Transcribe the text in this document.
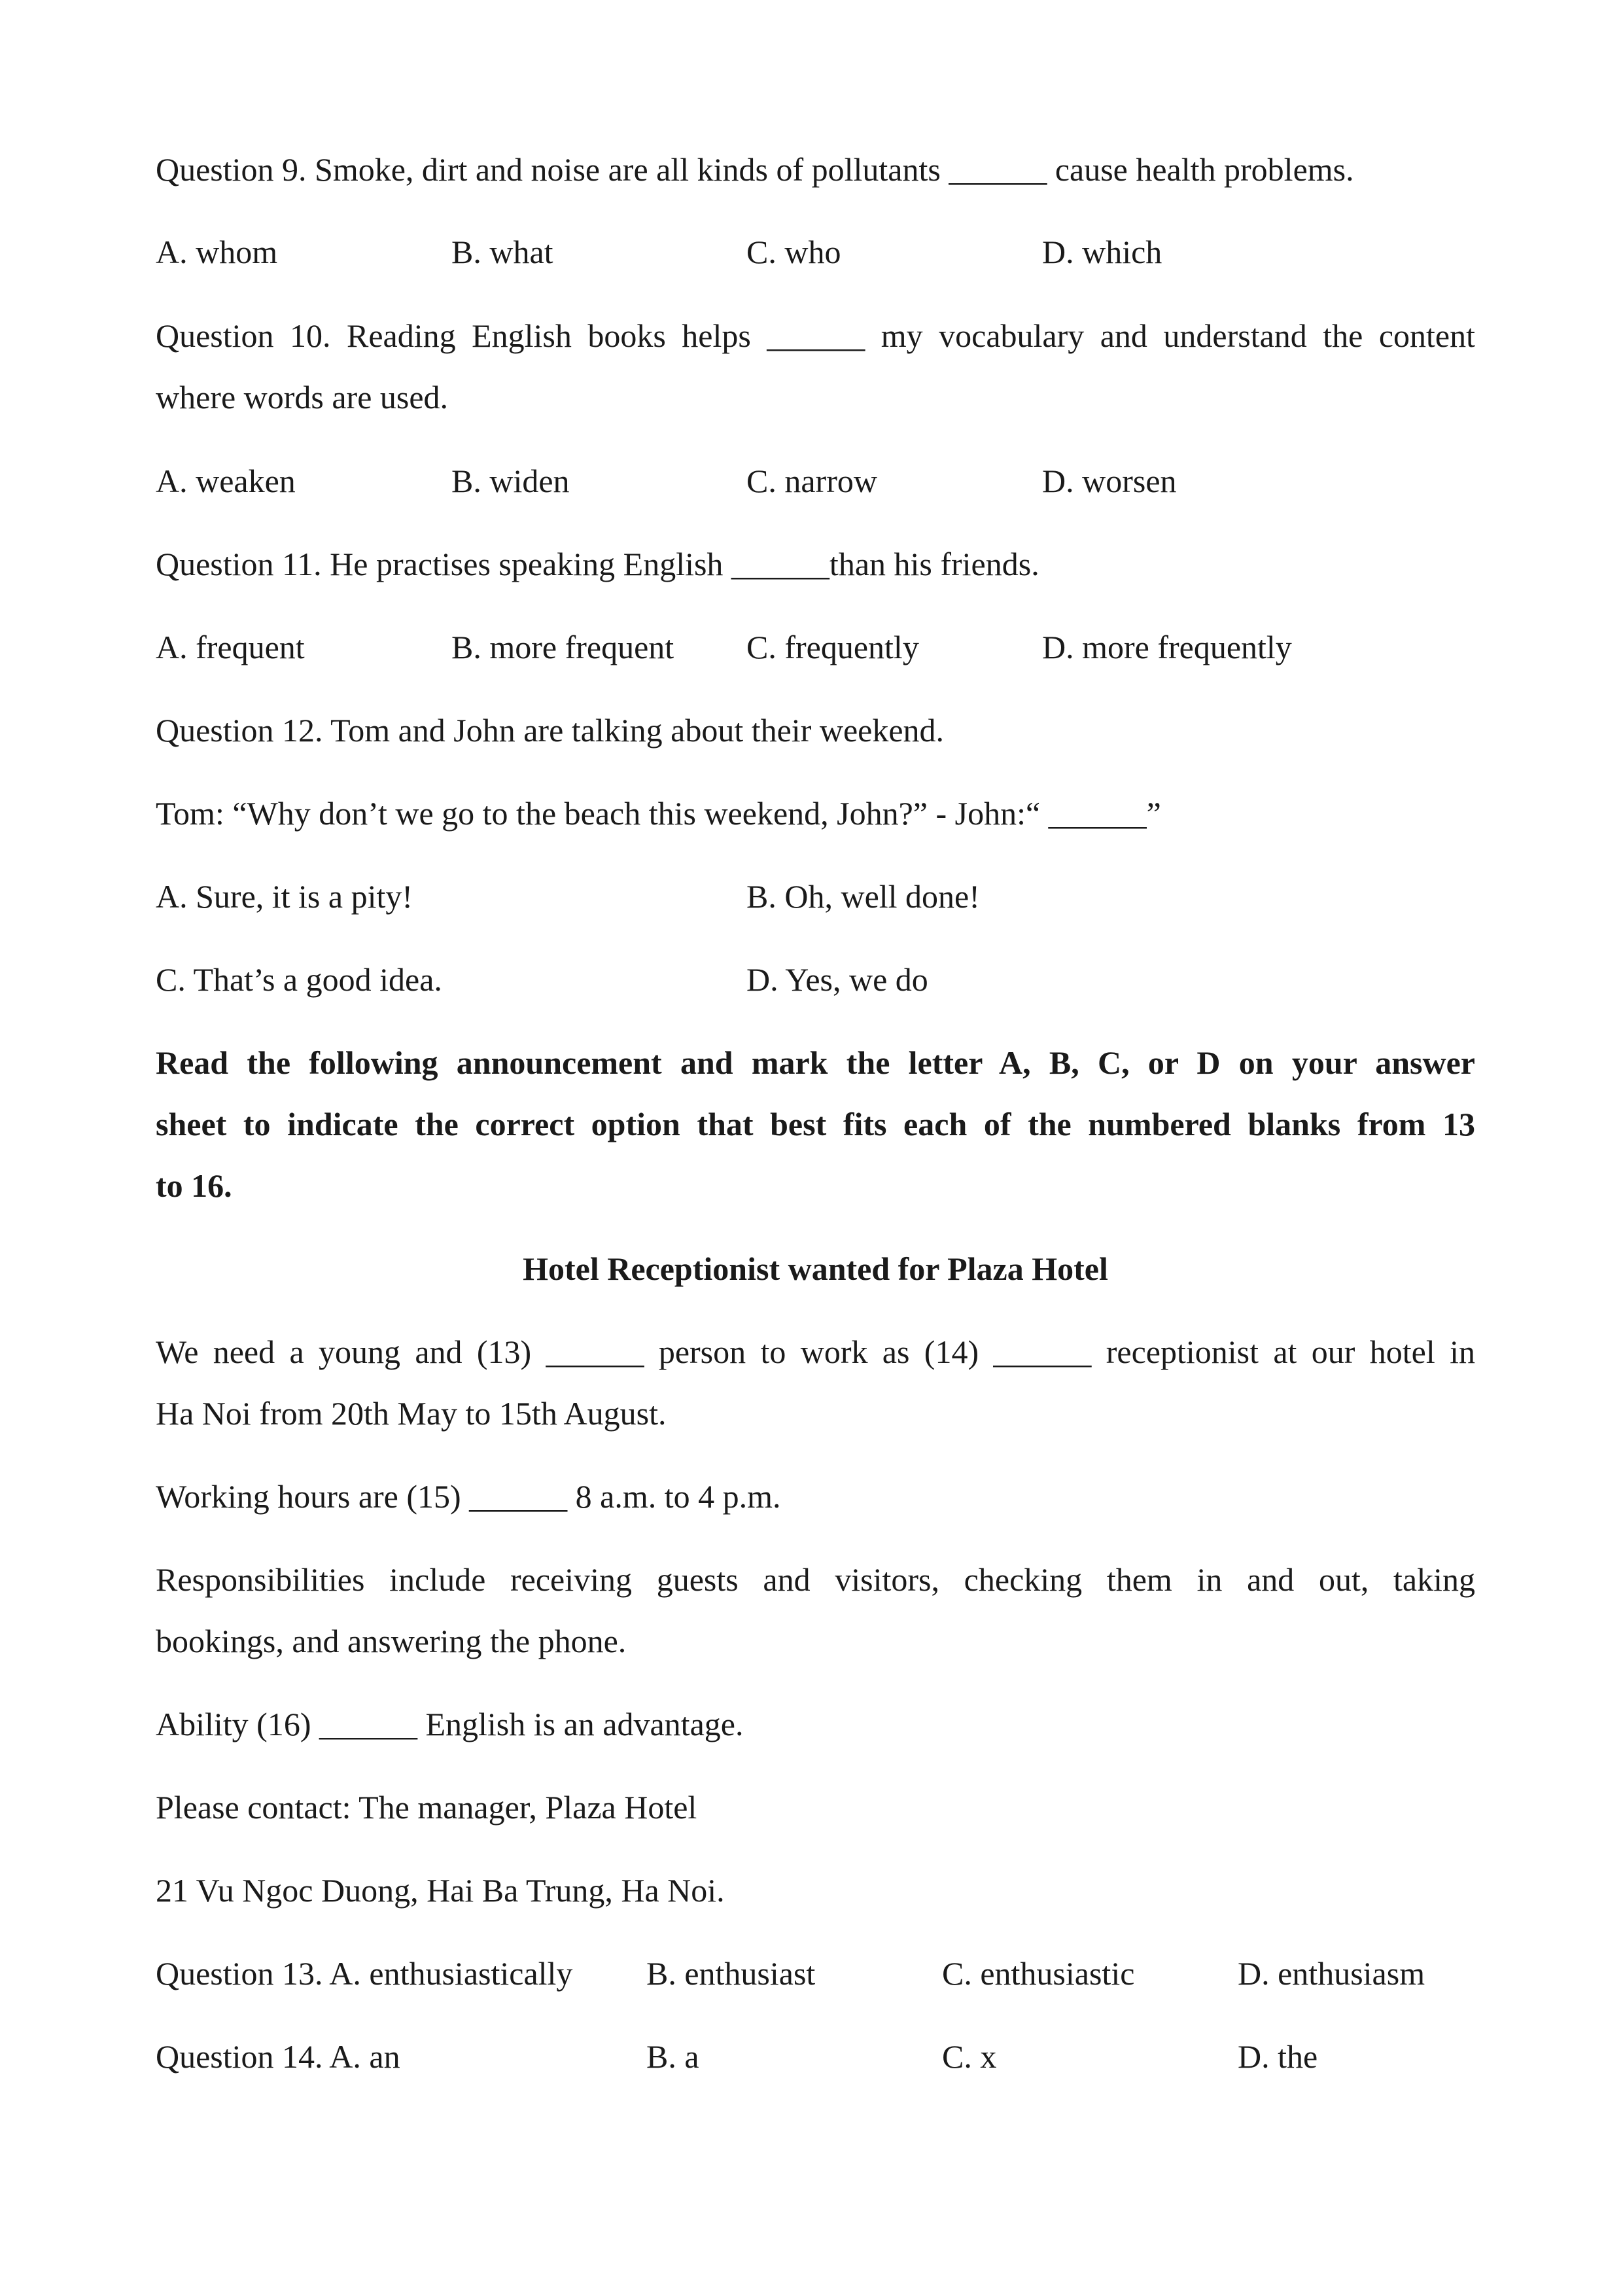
Question 9. Smoke, dirt and noise are all kinds of pollutants ______ cause health problems.
A. whom	B. what	C. who	D. which
Question 10. Reading English books helps ______ my vocabulary and understand the content
where words are used.
A. weaken	B. widen	C. narrow	D. worsen
Question 11. He practises speaking English ______than his friends.
A. frequent	B. more frequent C. frequently	D. more frequently
Question 12. Tom and John are talking about their weekend.
Tom: “Why don’t we go to the beach this weekend, John?” - John:“ ______”
A. Sure, it is a pity!	B. Oh, well done!
C. That’s a good idea.	D. Yes, we do
Read the following announcement and mark the letter A, B, C, or D on your answer
sheet to indicate the correct option that best fits each of the numbered blanks from 13
to 16.
Hotel Receptionist wanted for Plaza Hotel
We need a young and (13) ______ person to work as (14) ______ receptionist at our hotel in
Ha Noi from 20th May to 15th August.
Working hours are (15) ______ 8 a.m. to 4 p.m.
Responsibilities include receiving guests and visitors, checking them in and out, taking
bookings, and answering the phone.
Ability (16) ______ English is an advantage.
Please contact: The manager, Plaza Hotel
21 Vu Ngoc Duong, Hai Ba Trung, Ha Noi.
Question 13. A. enthusiastically B. enthusiast	C. enthusiastic	D. enthusiasm
Question 14. A. an	B. a	C. x	D. the
